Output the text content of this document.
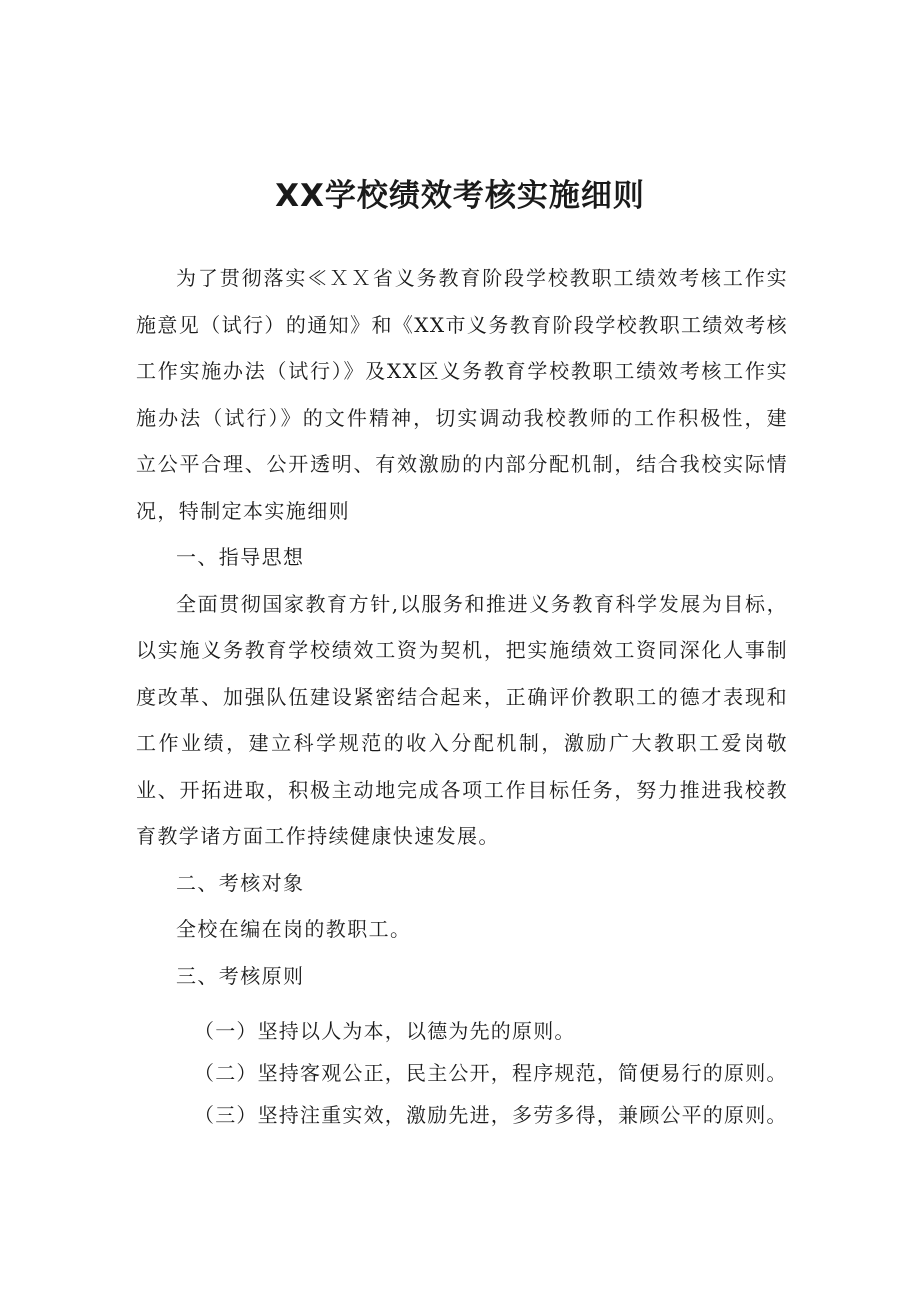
XX学校绩效考核实施细则

为了贯彻落实≪ＸＸ省义务教育阶段学校教职工绩效考核工作实施意见（试行）的通知》和《XX市义务教育阶段学校教职工绩效考核工作实施办法（试行）》及XX区义务教育学校教职工绩效考核工作实施办法（试行）》的文件精神，切实调动我校教师的工作积极性，建立公平合理、公开透明、有效激励的内部分配机制，结合我校实际情况，特制定本实施细则

一、指导思想

全面贯彻国家教育方针,以服务和推进义务教育科学发展为目标，以实施义务教育学校绩效工资为契机，把实施绩效工资同深化人事制度改革、加强队伍建设紧密结合起来，正确评价教职工的德才表现和工作业绩，建立科学规范的收入分配机制，激励广大教职工爱岗敬业、开拓进取，积极主动地完成各项工作目标任务，努力推进我校教育教学诸方面工作持续健康快速发展。

二、考核对象

全校在编在岗的教职工。

三、考核原则

（一）坚持以人为本，以德为先的原则。

（二）坚持客观公正，民主公开，程序规范，简便易行的原则。

（三）坚持注重实效，激励先进，多劳多得，兼顾公平的原则。
